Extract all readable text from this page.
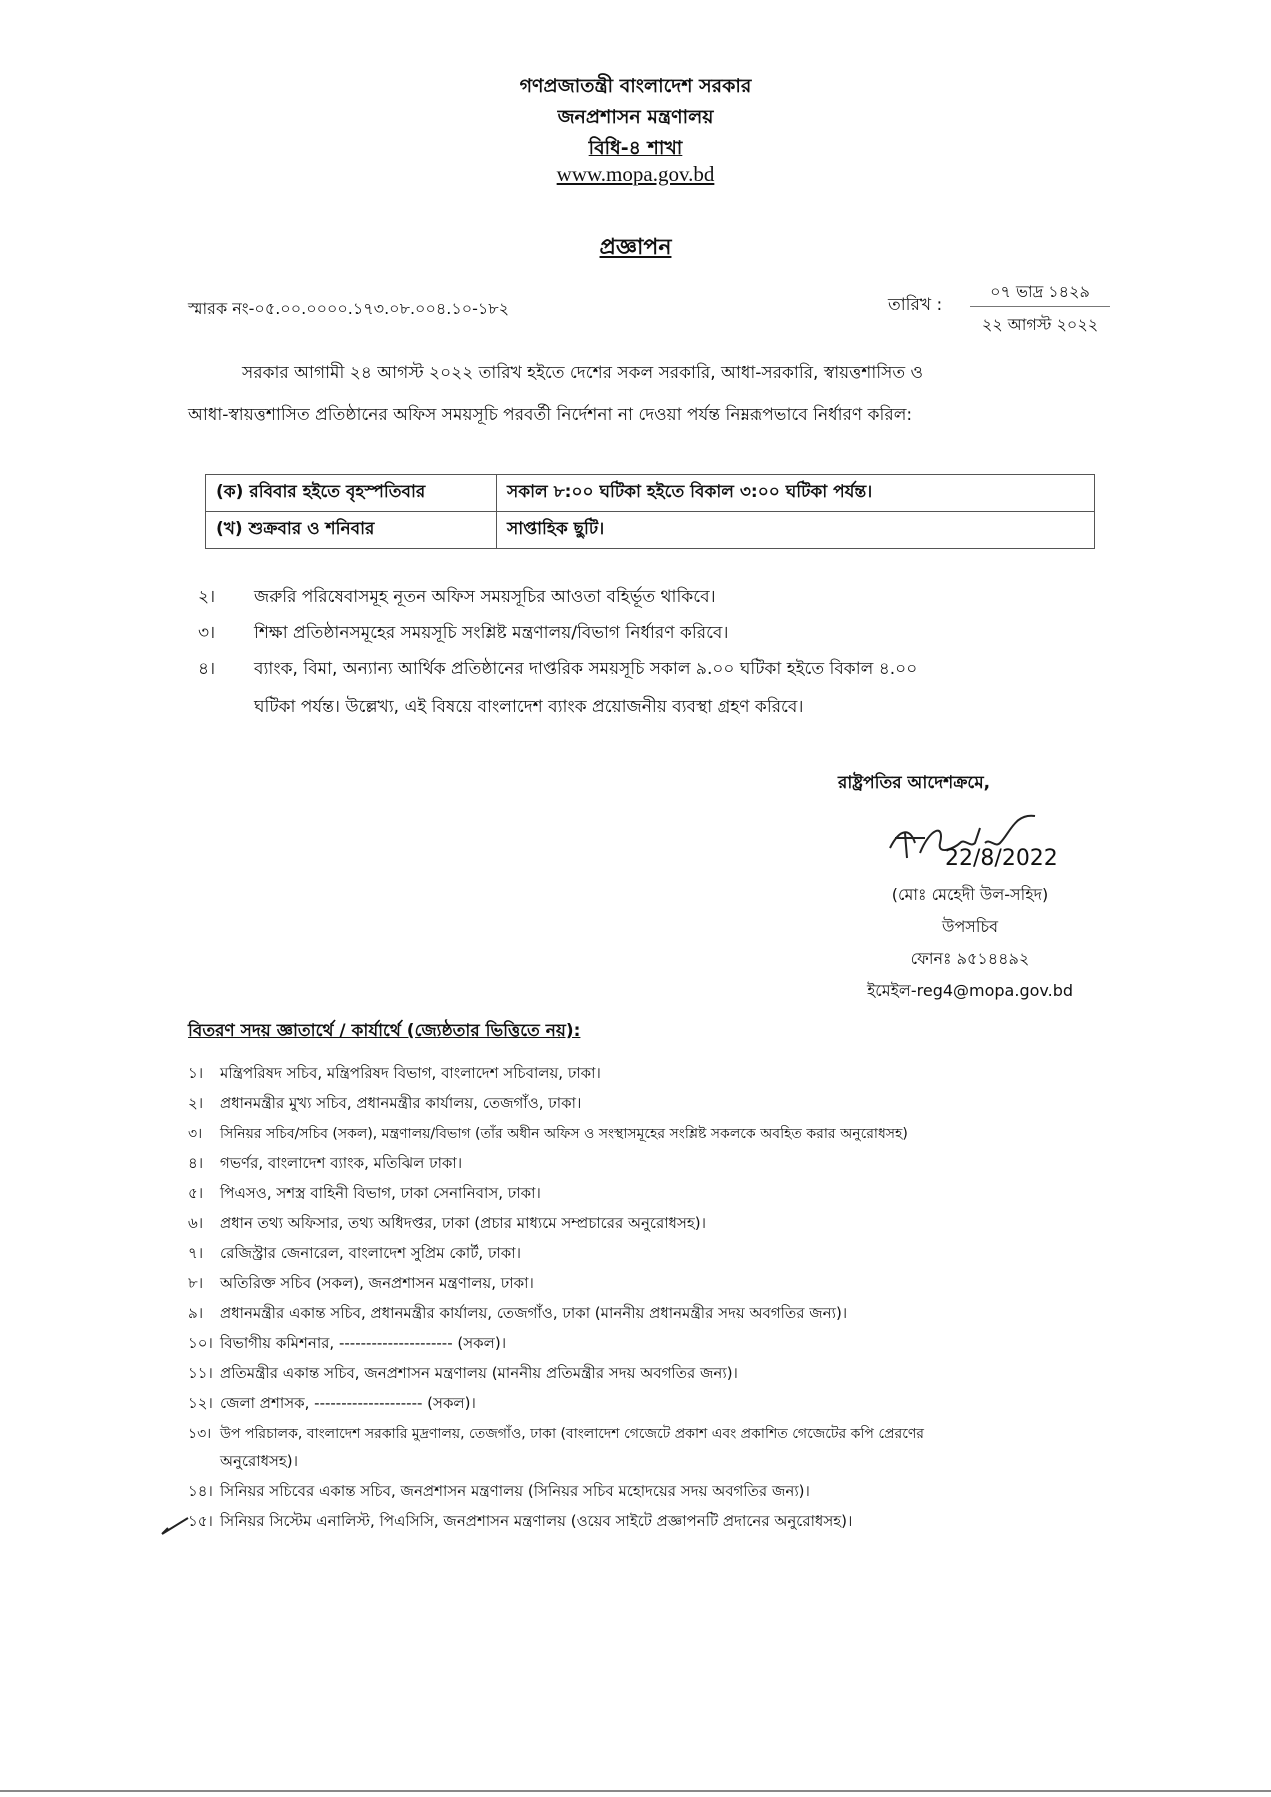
গণপ্রজাতন্ত্রী বাংলাদেশ সরকার
জনপ্রশাসন মন্ত্রণালয়
বিধি-৪ শাখা
www.mopa.gov.bd
প্রজ্ঞাপন
স্মারক নং-০৫.০০.০০০০.১৭৩.০৮.০০৪.১০-১৮২	তারিখ :
০৭ ভাদ্র ১৪২৯
২২ আগস্ট ২০২২
সরকার আগামী ২৪ আগস্ট ২০২২ তারিখ হইতে দেশের সকল সরকারি, আধা-সরকারি, স্বায়ত্তশাসিত ও
আধা-স্বায়ত্তশাসিত প্রতিষ্ঠানের অফিস সময়সূচি পরবর্তী নির্দেশনা না দেওয়া পর্যন্ত নিম্নরূপভাবে নির্ধারণ করিল:
(ক) রবিবার হইতে বৃহস্পতিবার	সকাল ৮:০০ ঘটিকা হইতে বিকাল ৩:০০ ঘটিকা পর্যন্ত।
(খ) শুক্রবার ও শনিবার	সাপ্তাহিক ছুটি।
২। জরুরি পরিষেবাসমূহ নূতন অফিস সময়সূচির আওতা বহির্ভূত থাকিবে।
৩। শিক্ষা প্রতিষ্ঠানসমূহের সময়সূচি সংশ্লিষ্ট মন্ত্রণালয়/বিভাগ নির্ধারণ করিবে।
৪। ব্যাংক, বিমা, অন্যান্য আর্থিক প্রতিষ্ঠানের দাপ্তরিক সময়সূচি সকাল ৯.০০ ঘটিকা হইতে বিকাল ৪.০০
ঘটিকা পর্যন্ত। উল্লেখ্য, এই বিষয়ে বাংলাদেশ ব্যাংক প্রয়োজনীয় ব্যবস্থা গ্রহণ করিবে।
রাষ্ট্রপতির আদেশক্রমে,
22/8/2022
(মোঃ মেহেদী উল-সহিদ)
উপসচিব
ফোনঃ ৯৫১৪৪৯২
ইমেইল-reg4@mopa.gov.bd
বিতরণ সদয় জ্ঞাতার্থে / কার্যার্থে (জ্যেষ্ঠতার ভিত্তিতে নয়):
১। মন্ত্রিপরিষদ সচিব, মন্ত্রিপরিষদ বিভাগ, বাংলাদেশ সচিবালয়, ঢাকা।
২। প্রধানমন্ত্রীর মুখ্য সচিব, প্রধানমন্ত্রীর কার্যালয়, তেজগাঁও, ঢাকা।
৩। সিনিয়র সচিব/সচিব (সকল), মন্ত্রণালয়/বিভাগ (তাঁর অধীন অফিস ও সংস্থাসমূহের সংশ্লিষ্ট সকলকে অবহিত করার অনুরোধসহ)
৪। গভর্ণর, বাংলাদেশ ব্যাংক, মতিঝিল ঢাকা।
৫। পিএসও, সশস্ত্র বাহিনী বিভাগ, ঢাকা সেনানিবাস, ঢাকা।
৬। প্রধান তথ্য অফিসার, তথ্য অধিদপ্তর, ঢাকা (প্রচার মাধ্যমে সম্প্রচারের অনুরোধসহ)।
৭। রেজিস্ট্রার জেনারেল, বাংলাদেশ সুপ্রিম কোর্ট, ঢাকা।
৮। অতিরিক্ত সচিব (সকল), জনপ্রশাসন মন্ত্রণালয়, ঢাকা।
৯। প্রধানমন্ত্রীর একান্ত সচিব, প্রধানমন্ত্রীর কার্যালয়, তেজগাঁও, ঢাকা (মাননীয় প্রধানমন্ত্রীর সদয় অবগতির জন্য)।
১০। বিভাগীয় কমিশনার, --------------------- (সকল)।
১১। প্রতিমন্ত্রীর একান্ত সচিব, জনপ্রশাসন মন্ত্রণালয় (মাননীয় প্রতিমন্ত্রীর সদয় অবগতির জন্য)।
১২। জেলা প্রশাসক, -------------------- (সকল)।
১৩। উপ পরিচালক, বাংলাদেশ সরকারি মুদ্রণালয়, তেজগাঁও, ঢাকা (বাংলাদেশ গেজেটে প্রকাশ এবং প্রকাশিত গেজেটের কপি প্রেরণের
অনুরোধসহ)।
১৪। সিনিয়র সচিবের একান্ত সচিব, জনপ্রশাসন মন্ত্রণালয় (সিনিয়র সচিব মহোদয়ের সদয় অবগতির জন্য)।
১৫। সিনিয়র সিস্টেম এনালিস্ট, পিএসিসি, জনপ্রশাসন মন্ত্রণালয় (ওয়েব সাইটে প্রজ্ঞাপনটি প্রদানের অনুরোধসহ)।
